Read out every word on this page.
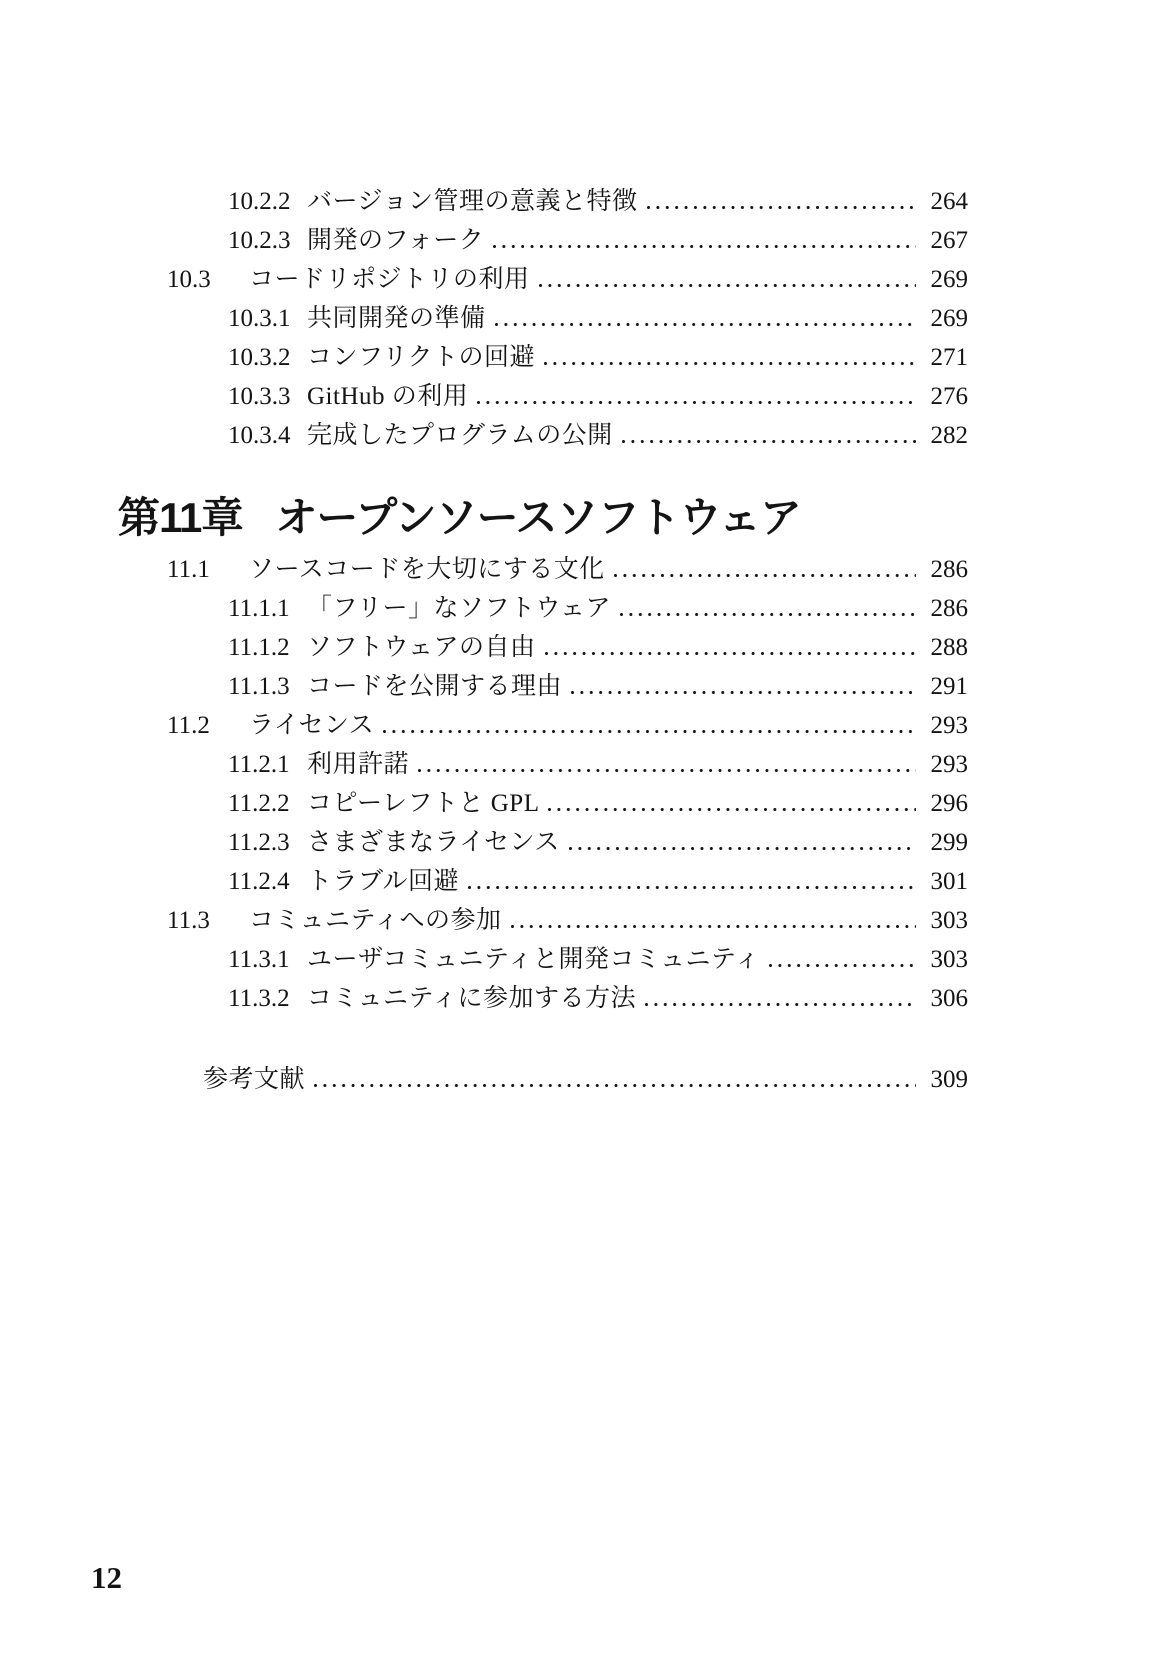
10.2.2 バージョン管理の意義と特徴	264
10.2.3 開発のフォーク	267
10.3	コードリポジトリの利用	269
10.3.1 共同開発の準備	269
10.3.2 コンフリクトの回避	271
10.3.3 GitHub の利用	276
10.3.4 完成したプログラムの公開	282
第11章 オープンソースソフトウェア
11.1	ソースコードを大切にする文化	286
11.1.1 「フリー」なソフトウェア	286
11.1.2 ソフトウェアの自由	288
11.1.3 コードを公開する理由	291
11.2	ライセンス	293
11.2.1 利用許諾	293
11.2.2 コピーレフトと GPL	296
11.2.3 さまざまなライセンス	299
11.2.4 トラブル回避	301
11.3	コミュニティへの参加	303
11.3.1 ユーザコミュニティと開発コミュニティ	303
11.3.2 コミュニティに参加する方法	306
参考文献	309
12
